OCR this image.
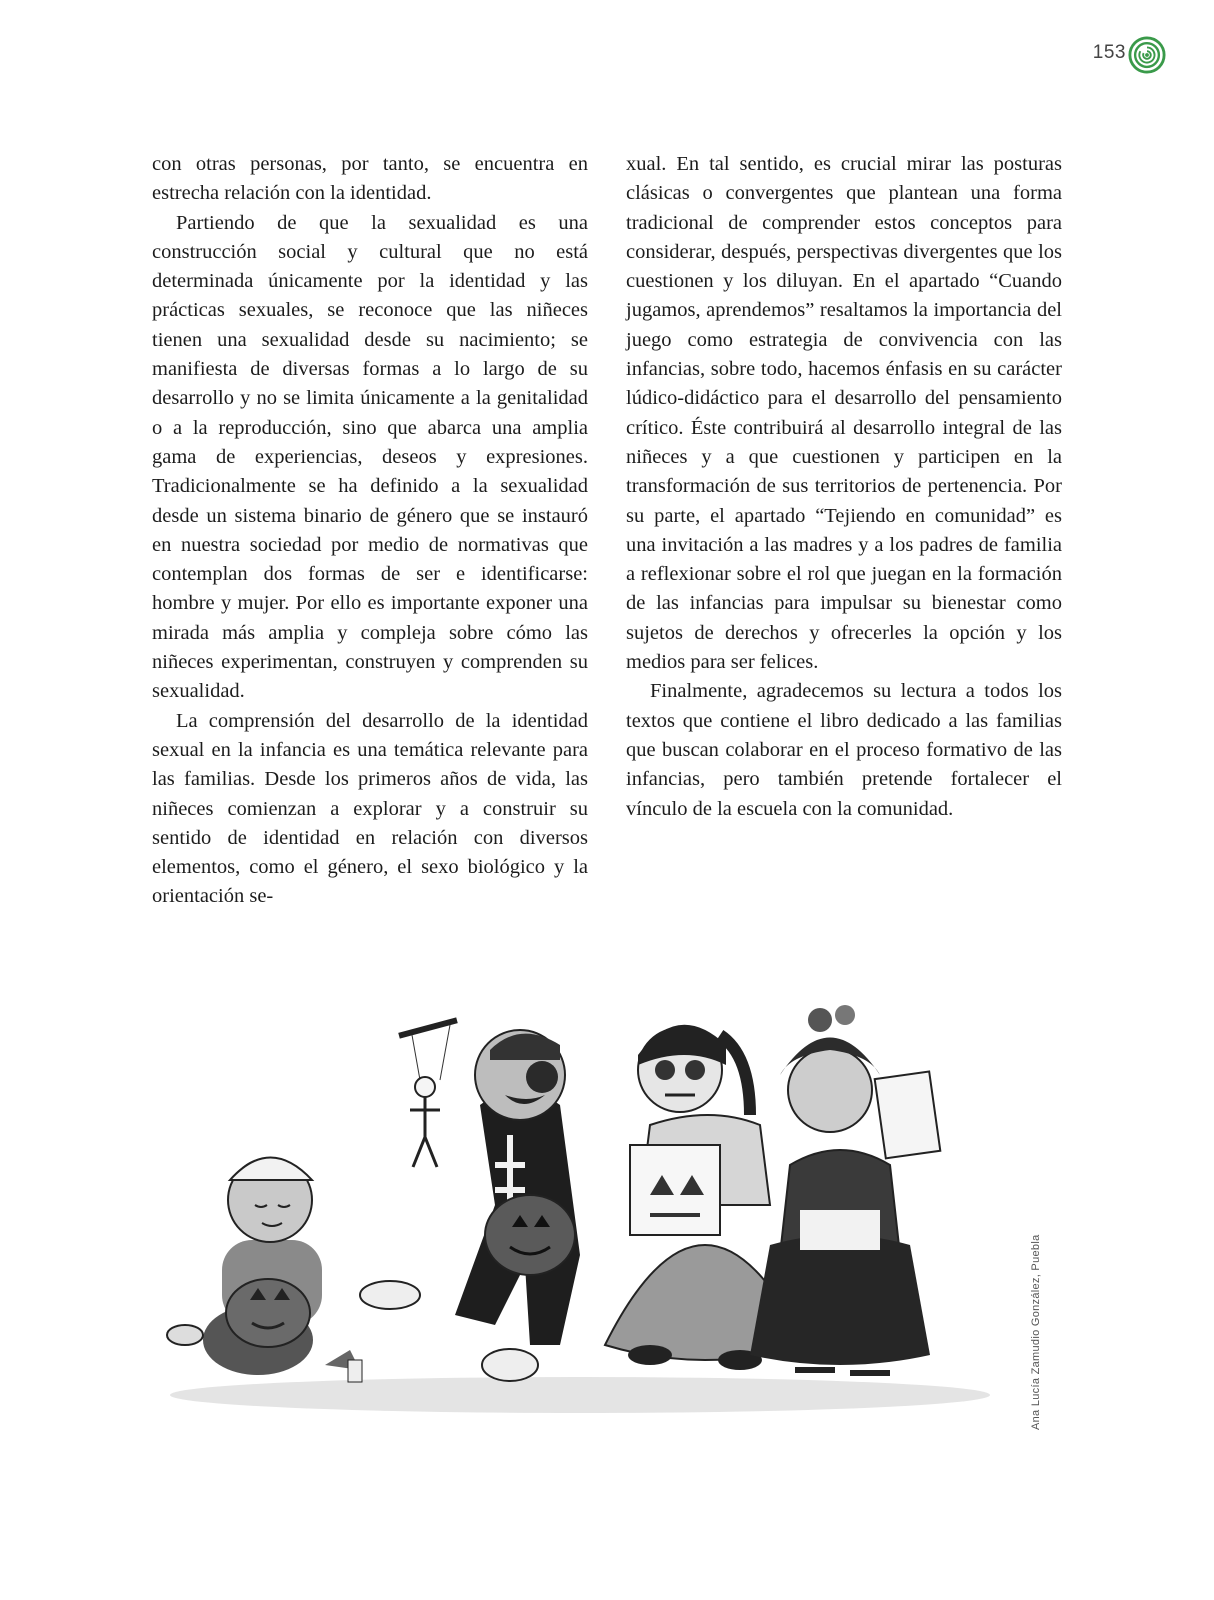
153

con otras personas, por tanto, se encuentra en estrecha relación con la identidad.

Partiendo de que la sexualidad es una construcción social y cultural que no está determinada únicamente por la identidad y las prácticas sexuales, se reconoce que las niñeces tienen una sexualidad desde su nacimiento; se manifiesta de diversas formas a lo largo de su desarrollo y no se limita únicamente a la genitalidad o a la reproducción, sino que abarca una amplia gama de experiencias, deseos y expresiones. Tradicionalmente se ha definido a la sexualidad desde un sistema binario de género que se instauró en nuestra sociedad por medio de normativas que contemplan dos formas de ser e identificarse: hombre y mujer. Por ello es importante exponer una mirada más amplia y compleja sobre cómo las niñeces experimentan, construyen y comprenden su sexualidad.

La comprensión del desarrollo de la identidad sexual en la infancia es una temática relevante para las familias. Desde los primeros años de vida, las niñeces comienzan a explorar y a construir su sentido de identidad en relación con diversos elementos, como el género, el sexo biológico y la orientación se-

xual. En tal sentido, es crucial mirar las posturas clásicas o convergentes que plantean una forma tradicional de comprender estos conceptos para considerar, después, perspectivas divergentes que los cuestionen y los diluyan. En el apartado “Cuando jugamos, aprendemos” resaltamos la importancia del juego como estrategia de convivencia con las infancias, sobre todo, hacemos énfasis en su carácter lúdico-didáctico para el desarrollo del pensamiento crítico. Éste contribuirá al desarrollo integral de las niñeces y a que cuestionen y participen en la transformación de sus territorios de pertenencia. Por su parte, el apartado “Tejiendo en comunidad” es una invitación a las madres y a los padres de familia a reflexionar sobre el rol que juegan en la formación de las infancias para impulsar su bienestar como sujetos de derechos y ofrecerles la opción y los medios para ser felices.

Finalmente, agradecemos su lectura a todos los textos que contiene el libro dedicado a las familias que buscan colaborar en el proceso formativo de las infancias, pero también pretende fortalecer el vínculo de la escuela con la comunidad.

Ana Lucía Zamudio González, Puebla
